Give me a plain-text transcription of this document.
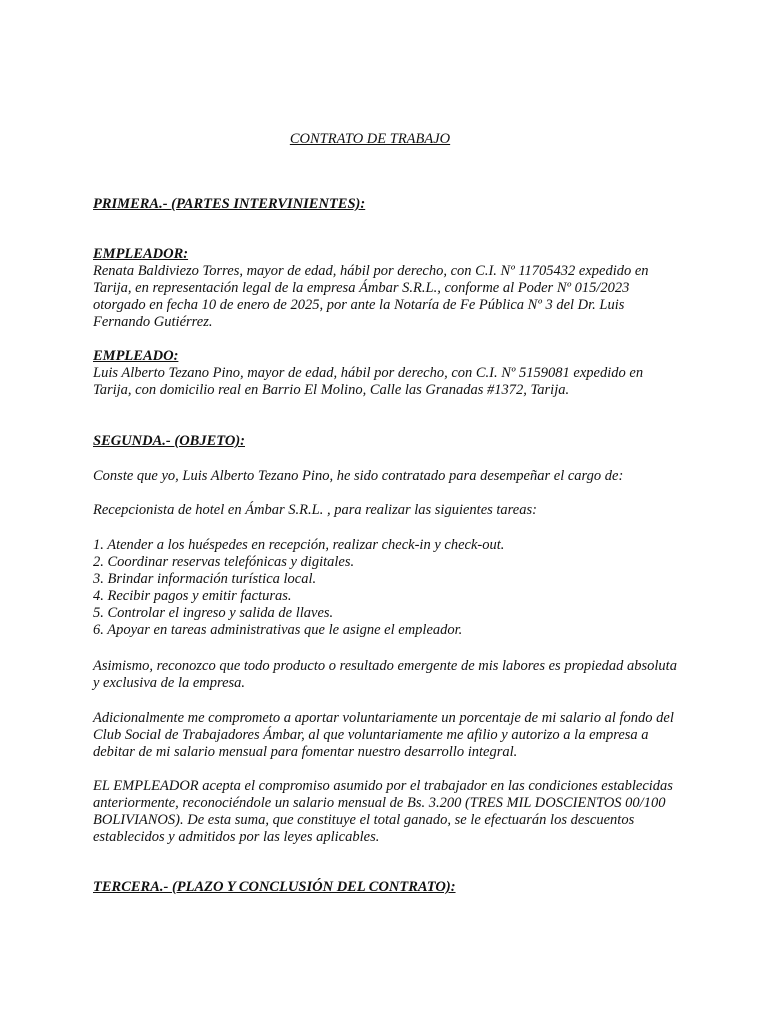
CONTRATO DE TRABAJO
PRIMERA.- (PARTES INTERVINIENTES):
EMPLEADOR:
Renata Baldiviezo Torres, mayor de edad, hábil por derecho, con C.I. Nº 11705432 expedido en Tarija, en representación legal de la empresa Ámbar S.R.L., conforme al Poder Nº 015/2023 otorgado en fecha 10 de enero de 2025, por ante la Notaría de Fe Pública Nº 3 del Dr. Luis Fernando Gutiérrez.
EMPLEADO:
Luis Alberto Tezano Pino, mayor de edad, hábil por derecho, con C.I. Nº 5159081 expedido en Tarija, con domicilio real en Barrio El Molino, Calle las Granadas #1372, Tarija.
SEGUNDA.- (OBJETO):
Conste que yo, Luis Alberto Tezano Pino, he sido contratado para desempeñar el cargo de:
Recepcionista de hotel en Ámbar S.R.L. , para realizar las siguientes tareas:
1. Atender a los huéspedes en recepción, realizar check-in y check-out.
2. Coordinar reservas telefónicas y digitales.
3. Brindar información turística local.
4. Recibir pagos y emitir facturas.
5. Controlar el ingreso y salida de llaves.
6. Apoyar en tareas administrativas que le asigne el empleador.
Asimismo, reconozco que todo producto o resultado emergente de mis labores es propiedad absoluta y exclusiva de la empresa.
Adicionalmente me comprometo a aportar voluntariamente un porcentaje de mi salario al fondo del Club Social de Trabajadores Ámbar, al que voluntariamente me afilio y autorizo a la empresa a debitar de mi salario mensual para fomentar nuestro desarrollo integral.
EL EMPLEADOR acepta el compromiso asumido por el trabajador en las condiciones establecidas anteriormente, reconociéndole un salario mensual de Bs. 3.200 (TRES MIL DOSCIENTOS 00/100 BOLIVIANOS). De esta suma, que constituye el total ganado, se le efectuarán los descuentos establecidos y admitidos por las leyes aplicables.
TERCERA.- (PLAZO Y CONCLUSIÓN DEL CONTRATO):
